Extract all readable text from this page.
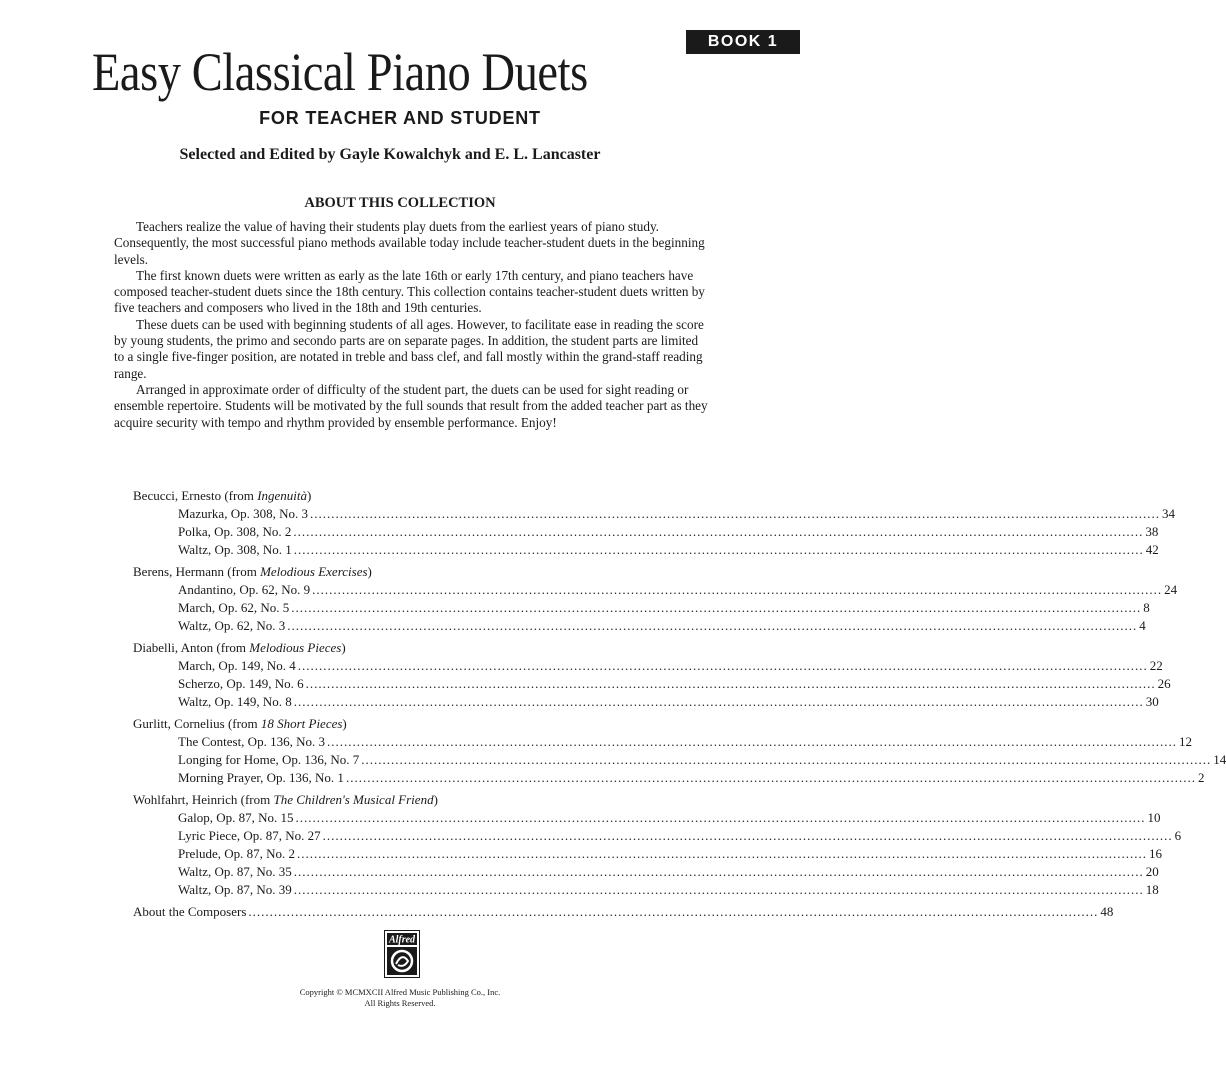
BOOK 1
Easy Classical Piano Duets
FOR TEACHER AND STUDENT
Selected and Edited by Gayle Kowalchyk and E. L. Lancaster
ABOUT THIS COLLECTION

Teachers realize the value of having their students play duets from the earliest years of piano study. Consequently, the most successful piano methods available today include teacher-student duets in the beginning levels.

The first known duets were written as early as the late 16th or early 17th century, and piano teachers have composed teacher-student duets since the 18th century. This collection contains teacher-student duets written by five teachers and composers who lived in the 18th and 19th centuries.

These duets can be used with beginning students of all ages. However, to facilitate ease in reading the score by young students, the primo and secondo parts are on separate pages. In addition, the student parts are limited to a single five-finger position, are notated in treble and bass clef, and fall mostly within the grand-staff reading range.

Arranged in approximate order of difficulty of the student part, the duets can be used for sight reading or ensemble repertoire. Students will be motivated by the full sounds that result from the added teacher part as they acquire security with tempo and rhythm provided by ensemble performance. Enjoy!

Becucci, Ernesto (from Ingenuità)
Mazurka, Op. 308, No. 3 ........................................................................................................................................................................................................ 34
Polka, Op. 308, No. 2 ........................................................................................................................................................................................................ 38
Waltz, Op. 308, No. 1 ........................................................................................................................................................................................................ 42
Berens, Hermann (from Melodious Exercises)
Andantino, Op. 62, No. 9 ........................................................................................................................................................................................................ 24
March, Op. 62, No. 5 ........................................................................................................................................................................................................ 8
Waltz, Op. 62, No. 3 ........................................................................................................................................................................................................ 4
Diabelli, Anton (from Melodious Pieces)
March, Op. 149, No. 4 ........................................................................................................................................................................................................ 22
Scherzo, Op. 149, No. 6 ........................................................................................................................................................................................................ 26
Waltz, Op. 149, No. 8 ........................................................................................................................................................................................................ 30
Gurlitt, Cornelius (from 18 Short Pieces)
The Contest, Op. 136, No. 3 ........................................................................................................................................................................................................ 12
Longing for Home, Op. 136, No. 7 ........................................................................................................................................................................................................ 14
Morning Prayer, Op. 136, No. 1 ........................................................................................................................................................................................................ 2
Wohlfahrt, Heinrich (from The Children's Musical Friend)
Galop, Op. 87, No. 15 ........................................................................................................................................................................................................ 10
Lyric Piece, Op. 87, No. 27 ........................................................................................................................................................................................................ 6
Prelude, Op. 87, No. 2 ........................................................................................................................................................................................................ 16
Waltz, Op. 87, No. 35 ........................................................................................................................................................................................................ 20
Waltz, Op. 87, No. 39 ........................................................................................................................................................................................................ 18
About the Composers ........................................................................................................................................................................................................ 48
Alfred
Copyright © MCMXCII Alfred Music Publishing Co., Inc.
All Rights Reserved.
